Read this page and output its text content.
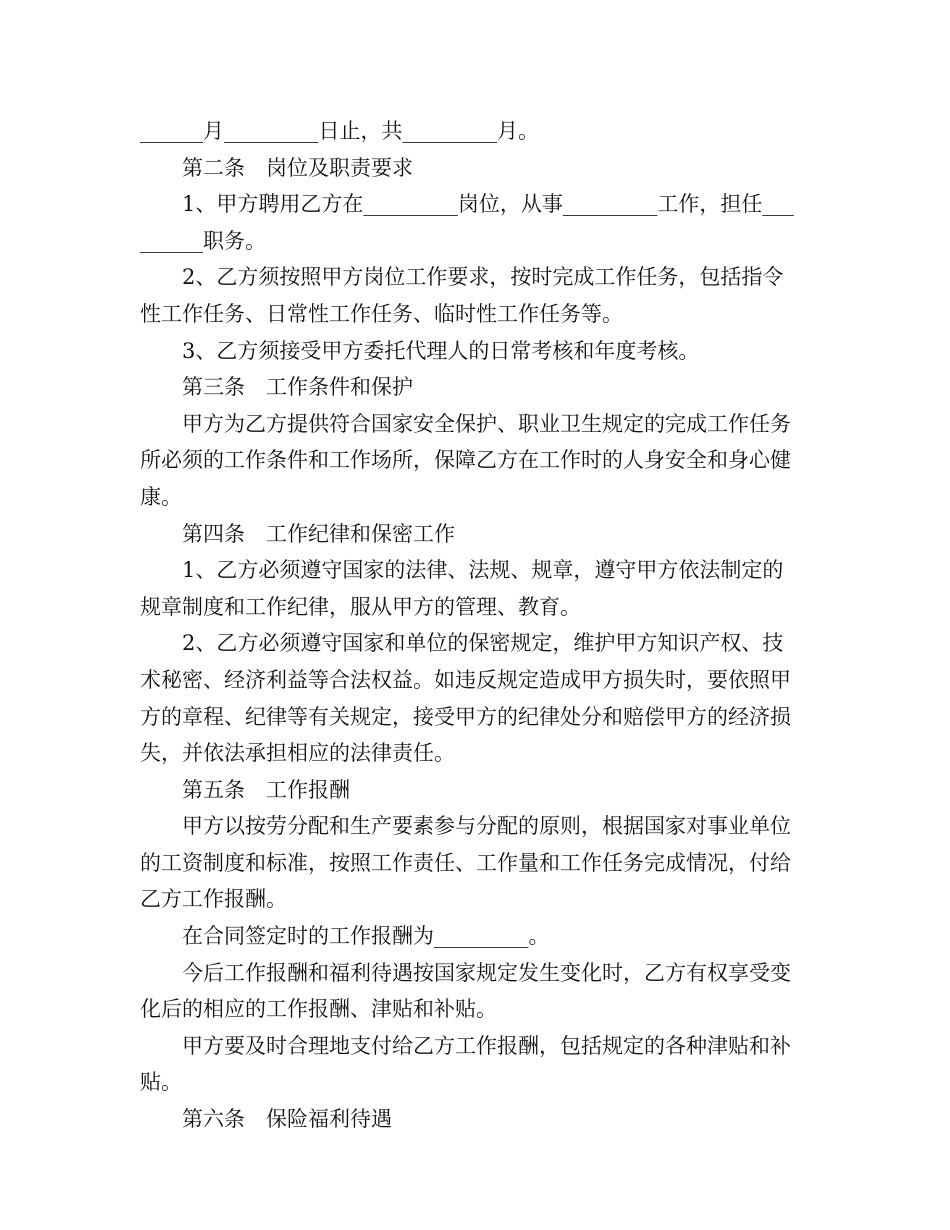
______月_________日止，共_________月。
第二条　岗位及职责要求
1、甲方聘用乙方在_________岗位，从事_________工作，担任___
______职务。
2、乙方须按照甲方岗位工作要求，按时完成工作任务，包括指令
性工作任务、日常性工作任务、临时性工作任务等。
3、乙方须接受甲方委托代理人的日常考核和年度考核。
第三条　工作条件和保护
甲方为乙方提供符合国家安全保护、职业卫生规定的完成工作任务
所必须的工作条件和工作场所，保障乙方在工作时的人身安全和身心健
康。
第四条　工作纪律和保密工作
1、乙方必须遵守国家的法律、法规、规章，遵守甲方依法制定的
规章制度和工作纪律，服从甲方的管理、教育。
2、乙方必须遵守国家和单位的保密规定，维护甲方知识产权、技
术秘密、经济利益等合法权益。如违反规定造成甲方损失时，要依照甲
方的章程、纪律等有关规定，接受甲方的纪律处分和赔偿甲方的经济损
失，并依法承担相应的法律责任。
第五条　工作报酬
甲方以按劳分配和生产要素参与分配的原则，根据国家对事业单位
的工资制度和标准，按照工作责任、工作量和工作任务完成情况，付给
乙方工作报酬。
在合同签定时的工作报酬为_________。
今后工作报酬和福利待遇按国家规定发生变化时，乙方有权享受变
化后的相应的工作报酬、津贴和补贴。
甲方要及时合理地支付给乙方工作报酬，包括规定的各种津贴和补
贴。
第六条　保险福利待遇
